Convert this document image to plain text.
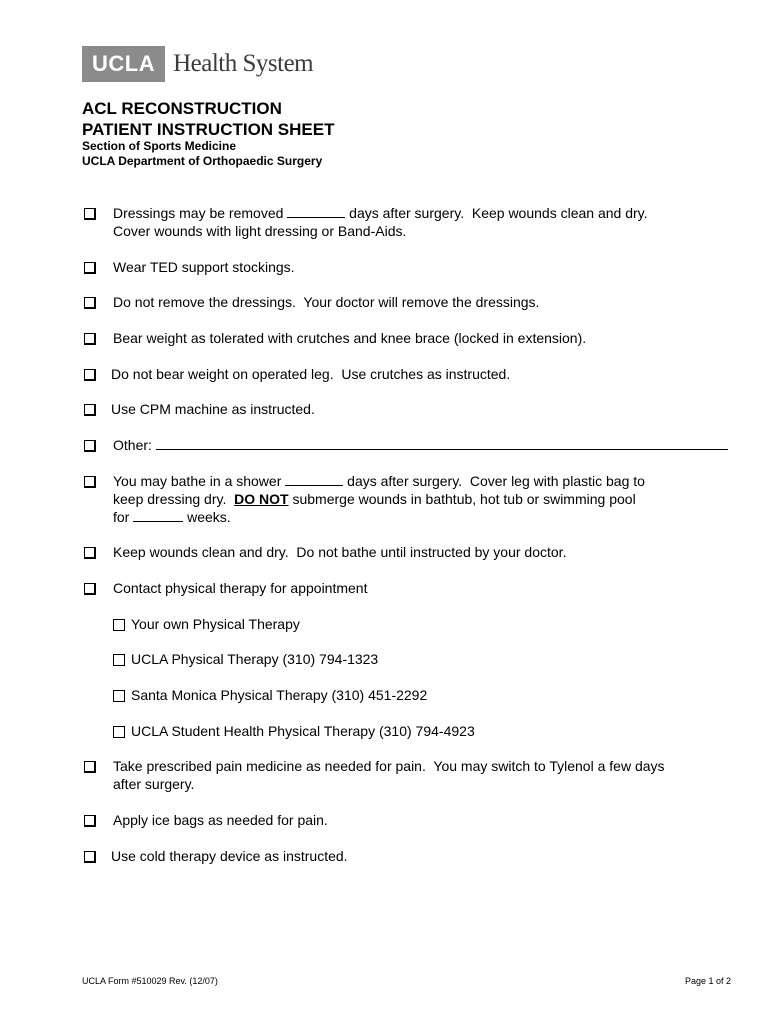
UCLA Health System
ACL RECONSTRUCTION
PATIENT INSTRUCTION SHEET
Section of Sports Medicine
UCLA Department of Orthopaedic Surgery
Dressings may be removed	days after surgery.  Keep wounds clean and dry.
Cover wounds with light dressing or Band-Aids.
Wear TED support stockings.
Do not remove the dressings.  Your doctor will remove the dressings.
Bear weight as tolerated with crutches and knee brace (locked in extension).
Do not bear weight on operated leg.  Use crutches as instructed.
Use CPM machine as instructed.
Other:
You may bathe in a shower	days after surgery.  Cover leg with plastic bag to
keep dressing dry.  DO NOT submerge wounds in bathtub, hot tub or swimming pool
for	weeks.
Keep wounds clean and dry.  Do not bathe until instructed by your doctor.
Contact physical therapy for appointment
Your own Physical Therapy
UCLA Physical Therapy (310) 794-1323
Santa Monica Physical Therapy (310) 451-2292
UCLA Student Health Physical Therapy (310) 794-4923
Take prescribed pain medicine as needed for pain.  You may switch to Tylenol a few days
after surgery.
Apply ice bags as needed for pain.
Use cold therapy device as instructed.
UCLA Form #510029 Rev. (12/07)	Page 1 of 2
